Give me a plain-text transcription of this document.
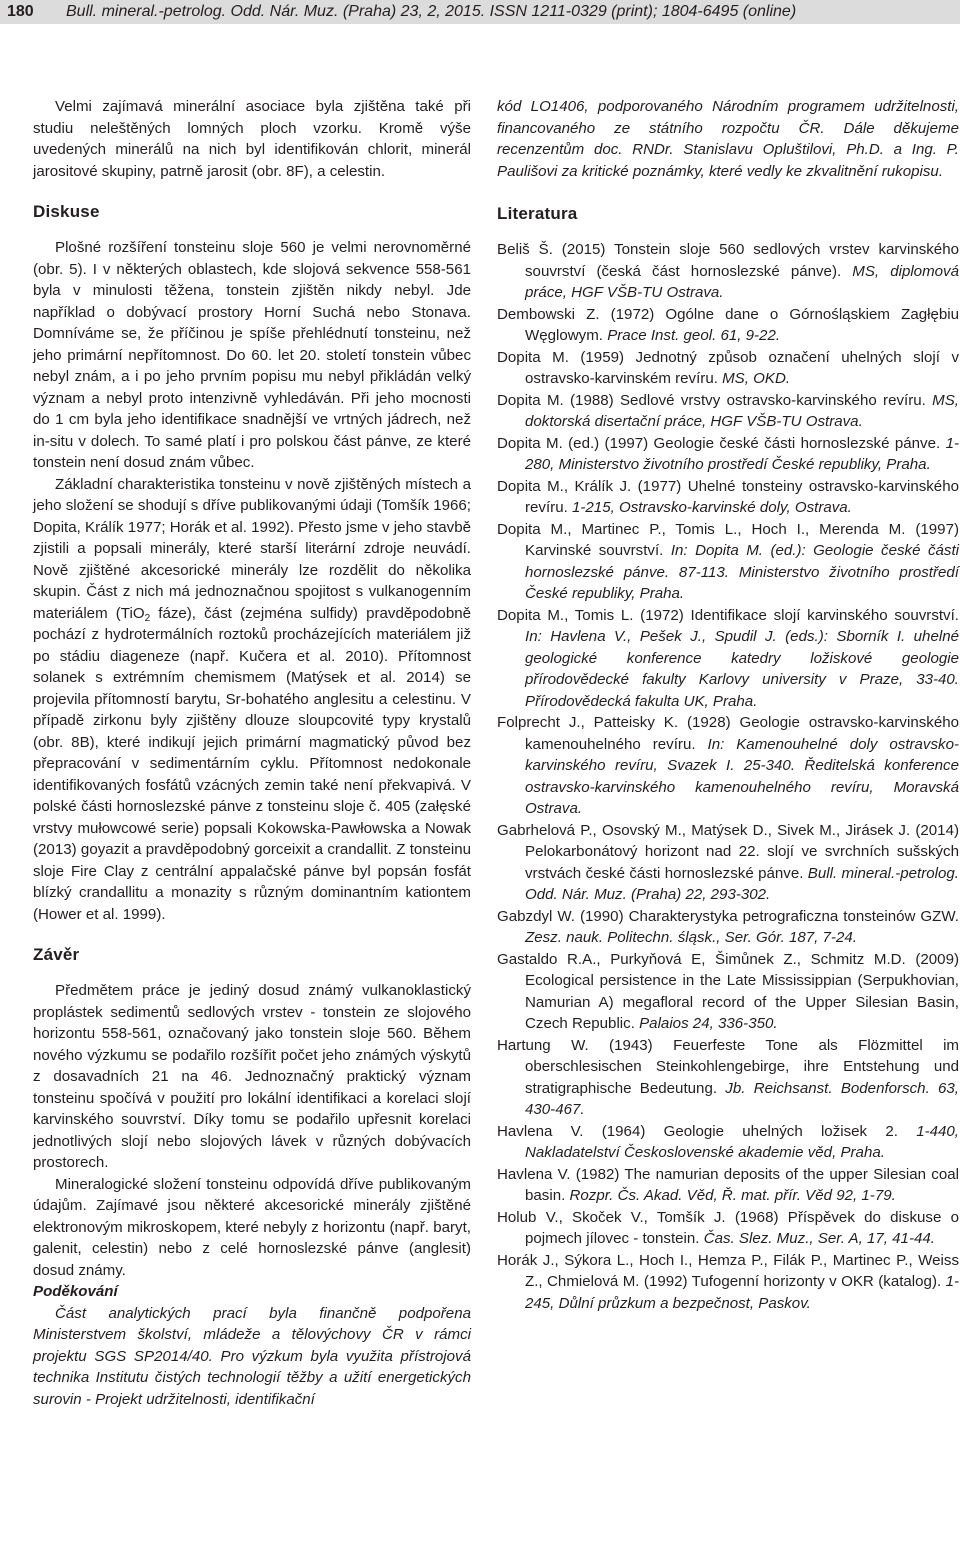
180 Bull. mineral.-petrolog. Odd. Nár. Muz. (Praha) 23, 2, 2015. ISSN 1211-0329 (print); 1804-6495 (online)

Velmi zajímavá minerální asociace byla zjištěna také při studiu neleštěných lomných ploch vzorku. Kromě výše uvedených minerálů na nich byl identifikován chlorit, minerál jarositové skupiny, patrně jarosit (obr. 8F), a celestin.

Diskuse

Plošné rozšíření tonsteinu sloje 560 je velmi nerovnoměrné (obr. 5). I v některých oblastech, kde slojová sekvence 558-561 byla v minulosti těžena, tonstein zjištěn nikdy nebyl. Jde například o dobývací prostory Horní Suchá nebo Stonava. Domníváme se, že příčinou je spíše přehlédnutí tonsteinu, než jeho primární nepřítomnost. Do 60. let 20. století tonstein vůbec nebyl znám, a i po jeho prvním popisu mu nebyl přikládán velký význam a nebyl proto intenzivně vyhledáván. Při jeho mocnosti do 1 cm byla jeho identifikace snadnější ve vrtných jádrech, než in-situ v dolech. To samé platí i pro polskou část pánve, ze které tonstein není dosud znám vůbec.

Základní charakteristika tonsteinu v nově zjištěných místech a jeho složení se shodují s dříve publikovanými údaji (Tomšík 1966; Dopita, Králík 1977; Horák et al. 1992). Přesto jsme v jeho stavbě zjistili a popsali minerály, které starší literární zdroje neuvádí. Nově zjištěné akcesorické minerály lze rozdělit do několika skupin. Část z nich má jednoznačnou spojitost s vulkanogenním materiálem (TiO$_2$ fáze), část (zejména sulfidy) pravděpodobně pochází z hydrotermálních roztoků procházejících materiálem již po stádiu diageneze (např. Kučera et al. 2010). Přítomnost solanek s extrémním chemismem (Matýsek et al. 2014) se projevila přítomností barytu, Sr-bohatého anglesitu a celestinu. V případě zirkonu byly zjištěny dlouze sloupcovité typy krystalů (obr. 8B), které indikují jejich primární magmatický původ bez přepracování v sedimentárním cyklu. Přítomnost nedokonale identifikovaných fosfátů vzácných zemin také není překvapivá. V polské části hornoslezské pánve z tonsteinu sloje č. 405 (załęské vrstvy mułowcowé serie) popsali Kokowska-Pawłowska a Nowak (2013) goyazit a pravděpodobný gorceixit a crandallit. Z tonsteinu sloje Fire Clay z centrální appalačské pánve byl popsán fosfát blízký crandallitu a monazity s různým dominantním kationtem (Hower et al. 1999).

Závěr

Předmětem práce je jediný dosud známý vulkanoklastický proplástek sedimentů sedlových vrstev - tonstein ze slojového horizontu 558-561, označovaný jako tonstein sloje 560. Během nového výzkumu se podařilo rozšířit počet jeho známých výskytů z dosavadních 21 na 46. Jednoznačný praktický význam tonsteinu spočívá v použití pro lokální identifikaci a korelaci slojí karvinského souvrství. Díky tomu se podařilo upřesnit korelaci jednotlivých slojí nebo slojových lávek v různých dobývacích prostorech.

Mineralogické složení tonsteinu odpovídá dříve publikovaným údajům. Zajímavé jsou některé akcesorické minerály zjištěné elektronovým mikroskopem, které nebyly z horizontu (např. baryt, galenit, celestin) nebo z celé hornoslezské pánve (anglesit) dosud známy.

Poděkování

Část analytických prací byla finančně podpořena Ministerstvem školství, mládeže a tělovýchovy ČR v rámci projektu SGS SP2014/40. Pro výzkum byla využita přístrojová technika Institutu čistých technologií těžby a užití energetických surovin - Projekt udržitelnosti, identifikační

kód LO1406, podporovaného Národním programem udržitelnosti, financovaného ze státního rozpočtu ČR. Dále děkujeme recenzentům doc. RNDr. Stanislavu Opluštilovi, Ph.D. a Ing. P. Paulišovi za kritické poznámky, které vedly ke zkvalitnění rukopisu.

Literatura

Beliš Š. (2015) Tonstein sloje 560 sedlových vrstev karvinského souvrství (česká část hornoslezské pánve). MS, diplomová práce, HGF VŠB-TU Ostrava.

Dembowski Z. (1972) Ogólne dane o Górnośląskiem Zagłębiu Węglowym. Prace Inst. geol. 61, 9-22.

Dopita M. (1959) Jednotný způsob označení uhelných slojí v ostravsko-karvinském revíru. MS, OKD.

Dopita M. (1988) Sedlové vrstvy ostravsko-karvinského revíru. MS, doktorská disertační práce, HGF VŠB-TU Ostrava.

Dopita M. (ed.) (1997) Geologie české části hornoslezské pánve. 1-280, Ministerstvo životního prostředí České republiky, Praha.

Dopita M., Králík J. (1977) Uhelné tonsteiny ostravsko-karvinského revíru. 1-215, Ostravsko-karvinské doly, Ostrava.

Dopita M., Martinec P., Tomis L., Hoch I., Merenda M. (1997) Karvinské souvrství. In: Dopita M. (ed.): Geologie české části hornoslezské pánve. 87-113. Ministerstvo životního prostředí České republiky, Praha.

Dopita M., Tomis L. (1972) Identifikace slojí karvinského souvrství. In: Havlena V., Pešek J., Spudil J. (eds.): Sborník I. uhelné geologické konference katedry ložiskové geologie přírodovědecké fakulty Karlovy university v Praze, 33-40. Přírodovědecká fakulta UK, Praha.

Folprecht J., Patteisky K. (1928) Geologie ostravsko-karvinského kamenouhelného revíru. In: Kamenouhelné doly ostravsko-karvinského revíru, Svazek I. 25-340. Ředitelská konference ostravsko-karvinského kamenouhelného revíru, Moravská Ostrava.

Gabrhelová P., Osovský M., Matýsek D., Sivek M., Jirásek J. (2014) Pelokarbonátový horizont nad 22. slojí ve svrchních sušských vrstvách české části hornoslezské pánve. Bull. mineral.-petrolog. Odd. Nár. Muz. (Praha) 22, 293-302.

Gabzdyl W. (1990) Charakterystyka petrograficzna tonsteinów GZW. Zesz. nauk. Politechn. śląsk., Ser. Gór. 187, 7-24.

Gastaldo R.A., Purkyňová E, Šimůnek Z., Schmitz M.D. (2009) Ecological persistence in the Late Mississippian (Serpukhovian, Namurian A) megafloral record of the Upper Silesian Basin, Czech Republic. Palaios 24, 336-350.

Hartung W. (1943) Feuerfeste Tone als Flözmittel im oberschlesischen Steinkohlengebirge, ihre Entstehung und stratigraphische Bedeutung. Jb. Reichsanst. Bodenforsch. 63, 430-467.

Havlena V. (1964) Geologie uhelných ložisek 2. 1-440, Nakladatelství Československé akademie věd, Praha.

Havlena V. (1982) The namurian deposits of the upper Silesian coal basin. Rozpr. Čs. Akad. Věd, Ř. mat. přír. Věd 92, 1-79.

Holub V., Skoček V., Tomšík J. (1968) Příspěvek do diskuse o pojmech jílovec - tonstein. Čas. Slez. Muz., Ser. A, 17, 41-44.

Horák J., Sýkora L., Hoch I., Hemza P., Filák P., Martinec P., Weiss Z., Chmielová M. (1992) Tufogenní horizonty v OKR (katalog). 1-245, Důlní průzkum a bezpečnost, Paskov.
